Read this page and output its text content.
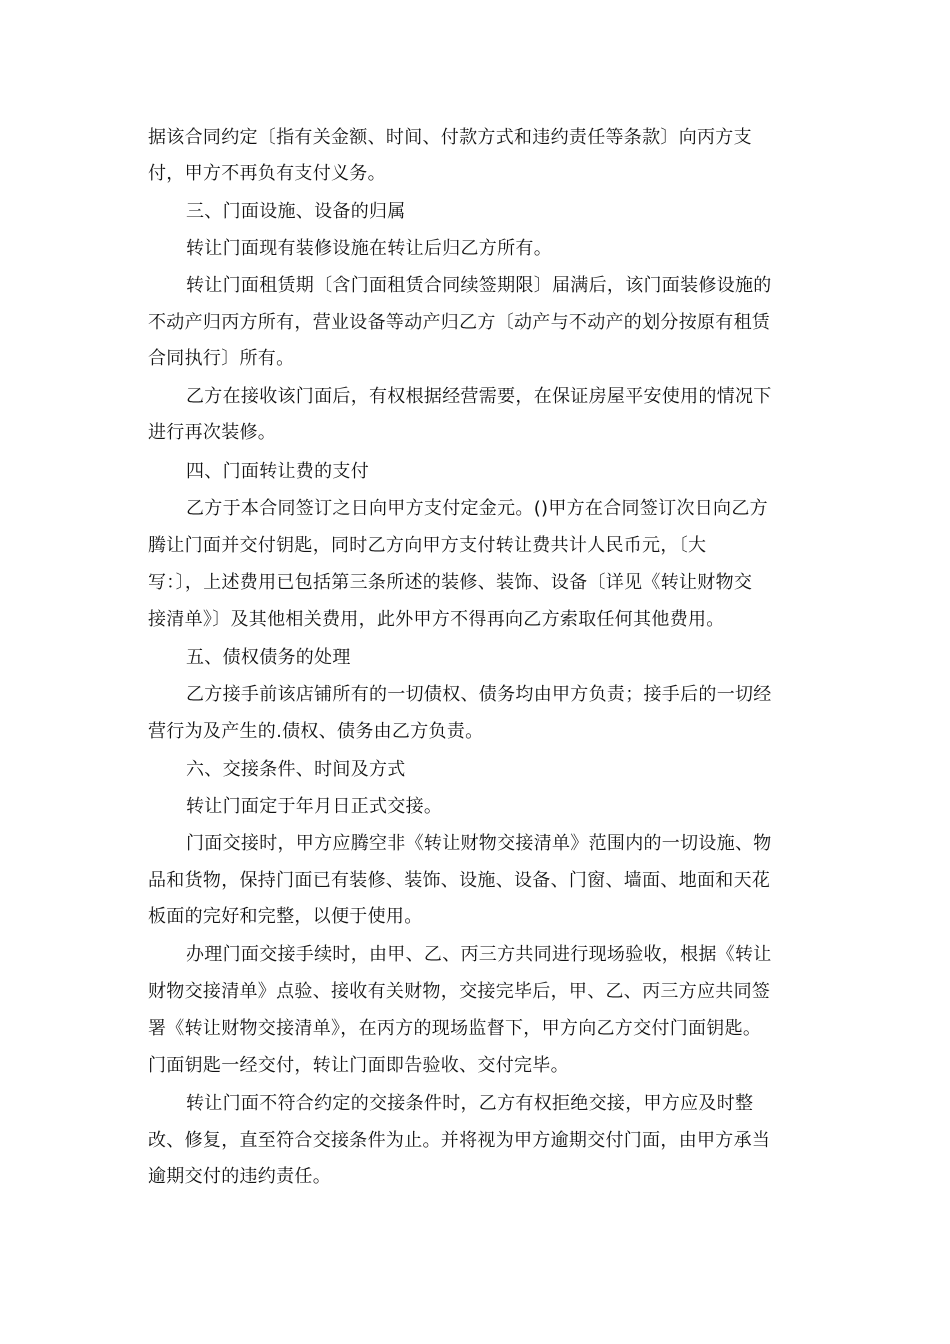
据该合同约定〔指有关金额、时间、付款方式和违约责任等条款〕向丙方支
付，甲方不再负有支付义务。
三、门面设施、设备的归属
转让门面现有装修设施在转让后归乙方所有。
转让门面租赁期〔含门面租赁合同续签期限〕届满后，该门面装修设施的
不动产归丙方所有，营业设备等动产归乙方〔动产与不动产的划分按原有租赁
合同执行〕所有。
乙方在接收该门面后，有权根据经营需要，在保证房屋平安使用的情况下
进行再次装修。
四、门面转让费的支付
乙方于本合同签订之日向甲方支付定金元。()甲方在合同签订次日向乙方
腾让门面并交付钥匙，同时乙方向甲方支付转让费共计人民币元，〔大
写：〕，上述费用已包括第三条所述的装修、装饰、设备〔详见《转让财物交
接清单》〕及其他相关费用，此外甲方不得再向乙方索取任何其他费用。
五、债权债务的处理
乙方接手前该店铺所有的一切债权、债务均由甲方负责；接手后的一切经
营行为及产生的.债权、债务由乙方负责。
六、交接条件、时间及方式
转让门面定于年月日正式交接。
门面交接时，甲方应腾空非《转让财物交接清单》范围内的一切设施、物
品和货物，保持门面已有装修、装饰、设施、设备、门窗、墙面、地面和天花
板面的完好和完整，以便于使用。
办理门面交接手续时，由甲、乙、丙三方共同进行现场验收，根据《转让
财物交接清单》点验、接收有关财物，交接完毕后，甲、乙、丙三方应共同签
署《转让财物交接清单》，在丙方的现场监督下，甲方向乙方交付门面钥匙。
门面钥匙一经交付，转让门面即告验收、交付完毕。
转让门面不符合约定的交接条件时，乙方有权拒绝交接，甲方应及时整
改、修复，直至符合交接条件为止。并将视为甲方逾期交付门面，由甲方承当
逾期交付的违约责任。
